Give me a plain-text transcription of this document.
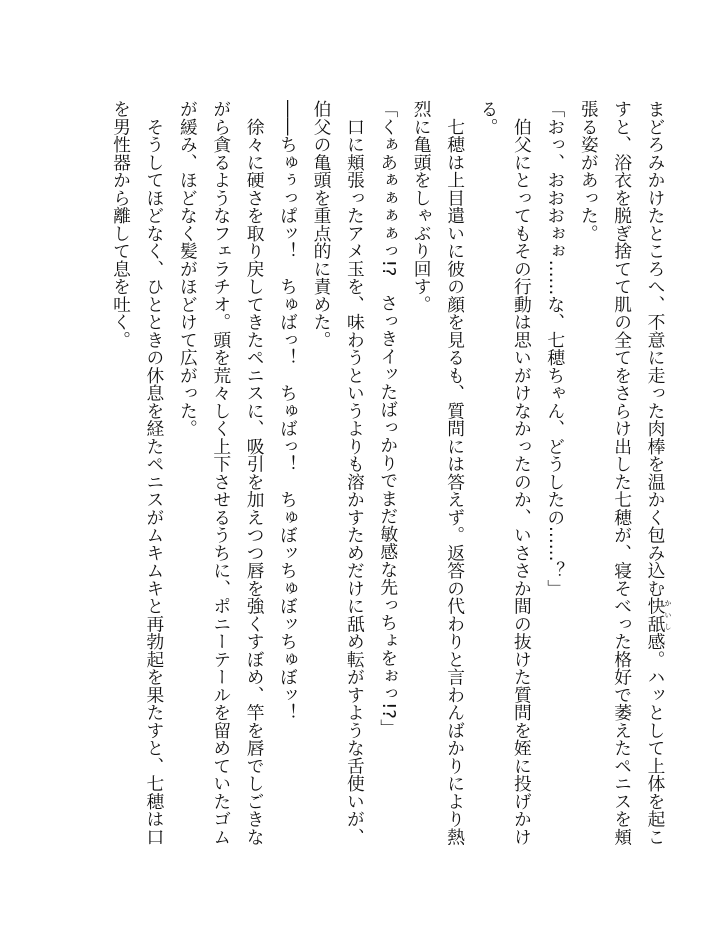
まどろみかけたところへ、不意に走った肉棒を温かく包み込む快舐 かいし感。ハッとして上体を起こすと、浴衣を脱ぎ捨てて肌の全てをさらけ出した七穂が、寝そべった格好で萎えたペニスを頬張る姿があった。

「おっ、おおおぉぉ……な、七穂ちゃん、どうしたの……？」

　伯父にとってもその行動は思いがけなかったのか、いささか間の抜けた質問を姪に投げかける。

　七穂は上目遣いに彼の顔を見るも、質問には答えず。返答の代わりと言わんばかりにより熱烈に亀頭をしゃぶり回す。

「くぁあぁぁぁぁっ!?　さっきイッたばっかりでまだ敏感な先っちょをぉっ!?」

　口に頬張ったアメ玉を、味わうというよりも溶かすためだけに舐め転がすような舌使いが、伯父の亀頭を重点的に責めた。

――ちゅぅっぱッ！　ちゅばっ！　ちゅばっ！　ちゅぼッちゅぼッちゅぼッ！

　徐々に硬さを取り戻してきたペニスに、吸引を加えつつ唇を強くすぼめ、竿を唇でしごきながら貪るようなフェラチオ。頭を荒々しく上下させるうちに、ポニーテールを留めていたゴムが緩み、ほどなく髪がほどけて広がった。

　そうしてほどなく、ひとときの休息を経たペニスがムキムキと再勃起を果たすと、七穂は口を男性器から離して息を吐く。
